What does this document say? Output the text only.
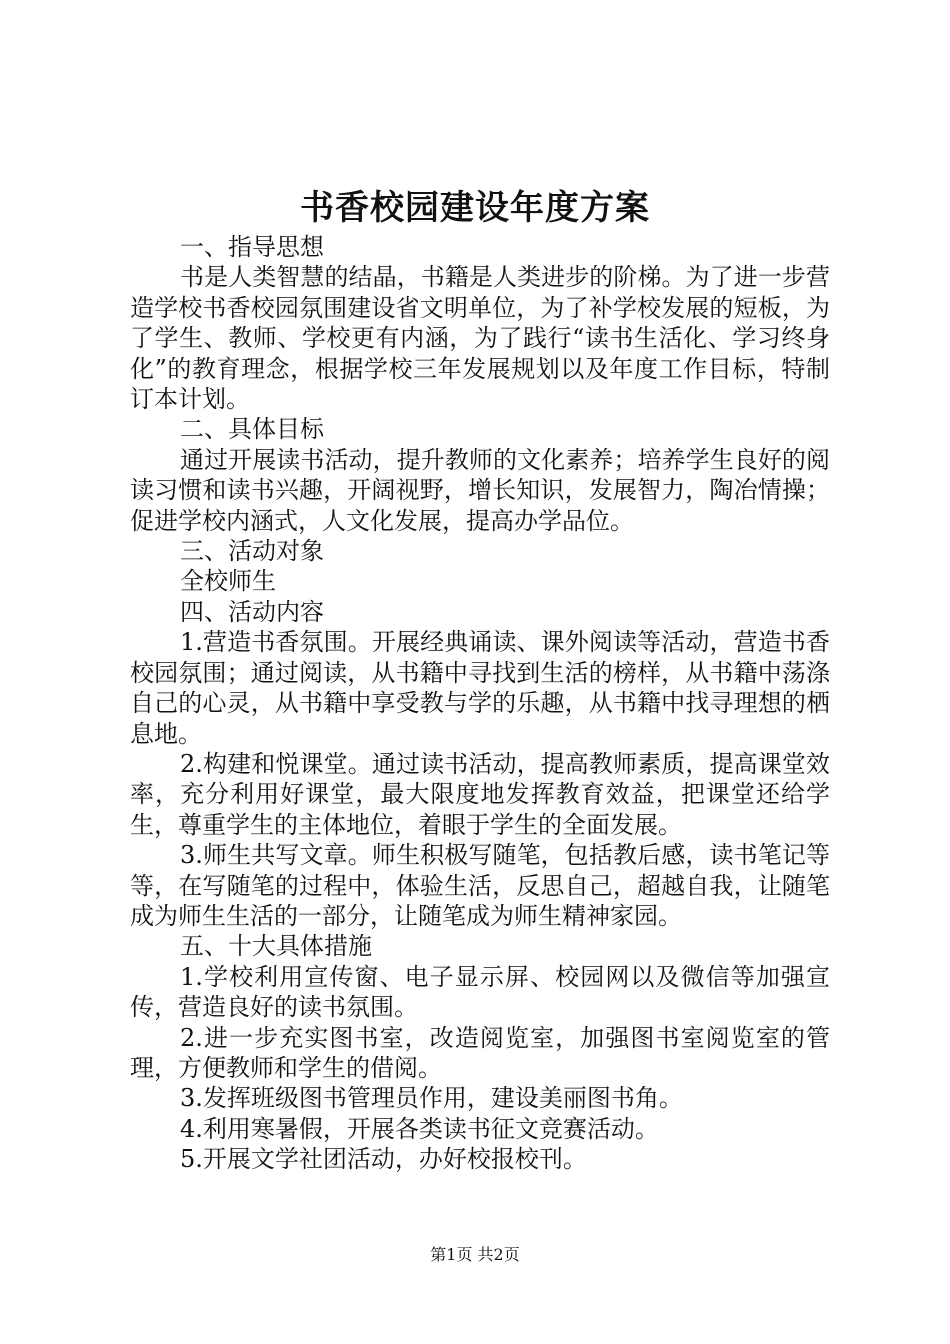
书香校园建设年度方案

一、指导思想

书是人类智慧的结晶，书籍是人类进步的阶梯。为了进一步营造学校书香校园氛围建设省文明单位，为了补学校发展的短板，为了学生、教师、学校更有内涵，为了践行“读书生活化、学习终身化”的教育理念，根据学校三年发展规划以及年度工作目标，特制订本计划。

二、具体目标

通过开展读书活动，提升教师的文化素养；培养学生良好的阅读习惯和读书兴趣，开阔视野，增长知识，发展智力，陶冶情操；促进学校内涵式，人文化发展，提高办学品位。

三、活动对象

全校师生

四、活动内容

1.营造书香氛围。开展经典诵读、课外阅读等活动，营造书香校园氛围；通过阅读，从书籍中寻找到生活的榜样，从书籍中荡涤自己的心灵，从书籍中享受教与学的乐趣，从书籍中找寻理想的栖息地。

2.构建和悦课堂。通过读书活动，提高教师素质，提高课堂效率，充分利用好课堂，最大限度地发挥教育效益，把课堂还给学生，尊重学生的主体地位，着眼于学生的全面发展。

3.师生共写文章。师生积极写随笔，包括教后感，读书笔记等等，在写随笔的过程中，体验生活，反思自己，超越自我，让随笔成为师生生活的一部分，让随笔成为师生精神家园。

五、十大具体措施

1.学校利用宣传窗、电子显示屏、校园网以及微信等加强宣传，营造良好的读书氛围。

2.进一步充实图书室，改造阅览室，加强图书室阅览室的管理，方便教师和学生的借阅。

3.发挥班级图书管理员作用，建设美丽图书角。

4.利用寒暑假，开展各类读书征文竞赛活动。

5.开展文学社团活动，办好校报校刊。

第1页 共2页
